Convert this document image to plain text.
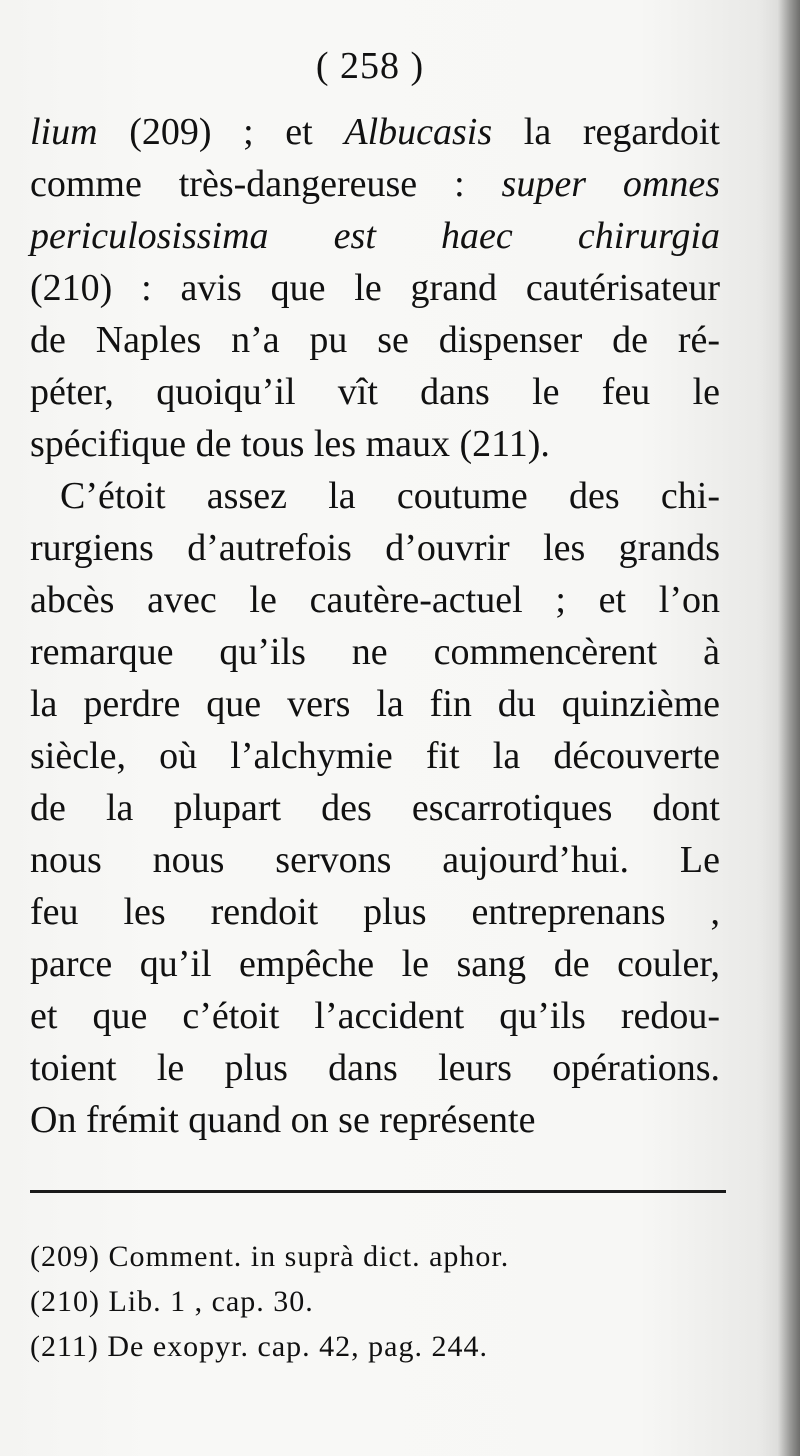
( 258 )
lium (209) ; et Albucasis la regardoit
comme très-dangereuse : super omnes
periculosissima est haec chirurgia
(210) : avis que le grand cautérisateur
de Naples n’a pu se dispenser de ré-
péter, quoiqu’il vît dans le feu le
spécifique de tous les maux (211).
C’étoit assez la coutume des chi-
rurgiens d’autrefois d’ouvrir les grands
abcès avec le cautère-actuel ; et l’on
remarque qu’ils ne commencèrent à
la perdre que vers la fin du quinzième
siècle, où l’alchymie fit la découverte
de la plupart des escarrotiques dont
nous nous servons aujourd’hui. Le
feu les rendoit plus entreprenans ,
parce qu’il empêche le sang de couler,
et que c’étoit l’accident qu’ils redou-
toient le plus dans leurs opérations.
On frémit quand on se représente
(209) Comment. in suprà dict. aphor.
(210) Lib. 1 , cap. 30.
(211) De exopyr. cap. 42, pag. 244.
